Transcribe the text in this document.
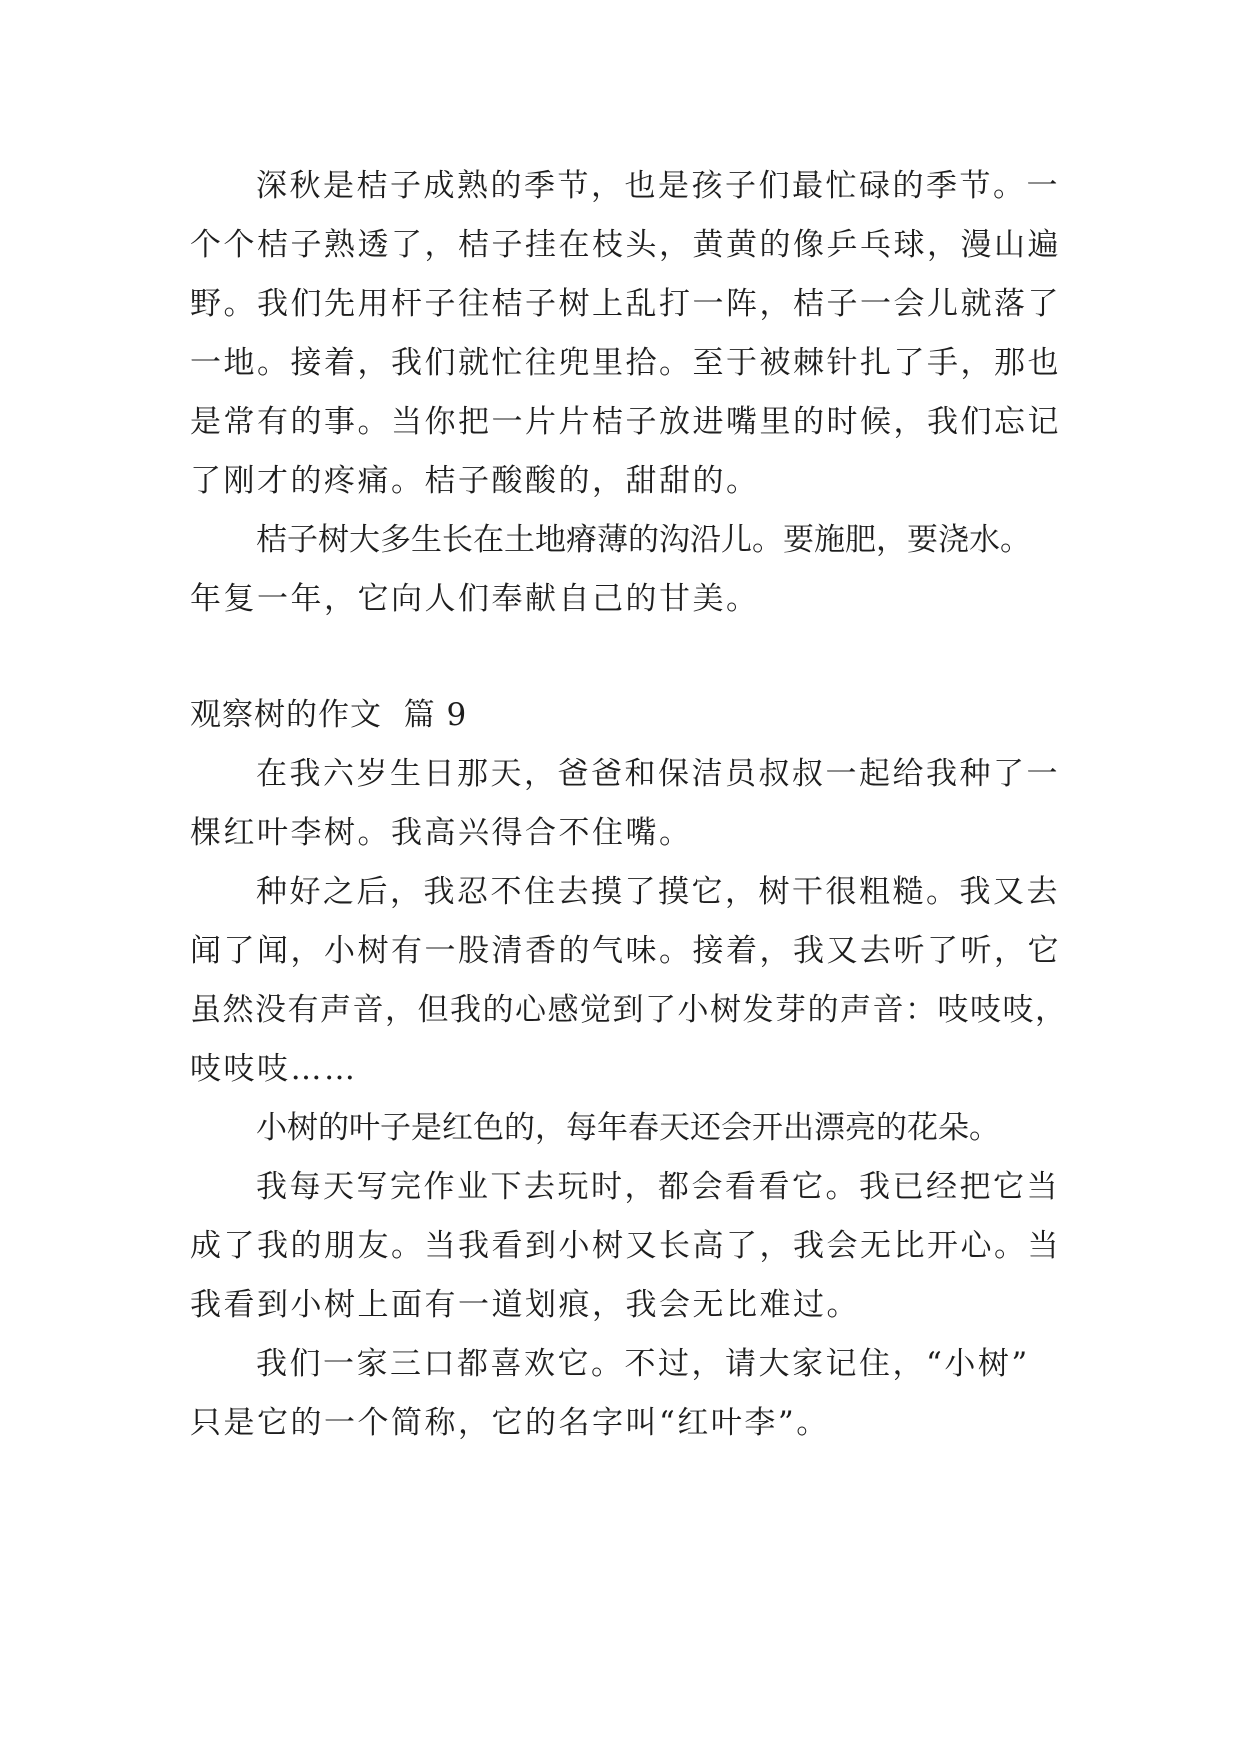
深秋是桔子成熟的季节，也是孩子们最忙碌的季节。一
个个桔子熟透了，桔子挂在枝头，黄黄的像乒乓球，漫山遍
野。我们先用杆子往桔子树上乱打一阵，桔子一会儿就落了
一地。接着，我们就忙往兜里拾。至于被棘针扎了手，那也
是常有的事。当你把一片片桔子放进嘴里的时候，我们忘记
了刚才的疼痛。桔子酸酸的，甜甜的。
桔子树大多生长在土地瘠薄的沟沿儿。要施肥，要浇水。
年复一年，它向人们奉献自己的甘美。
观察树的作文  篇 9
在我六岁生日那天，爸爸和保洁员叔叔一起给我种了一
棵红叶李树。我高兴得合不住嘴。
种好之后，我忍不住去摸了摸它，树干很粗糙。我又去
闻了闻，小树有一股清香的气味。接着，我又去听了听，它
虽然没有声音，但我的心感觉到了小树发芽的声音：吱吱吱，
吱吱吱……
小树的叶子是红色的，每年春天还会开出漂亮的花朵。
我每天写完作业下去玩时，都会看看它。我已经把它当
成了我的朋友。当我看到小树又长高了，我会无比开心。当
我看到小树上面有一道划痕，我会无比难过。
我们一家三口都喜欢它。不过，请大家记住，“小树”
只是它的一个简称，它的名字叫“红叶李”。
